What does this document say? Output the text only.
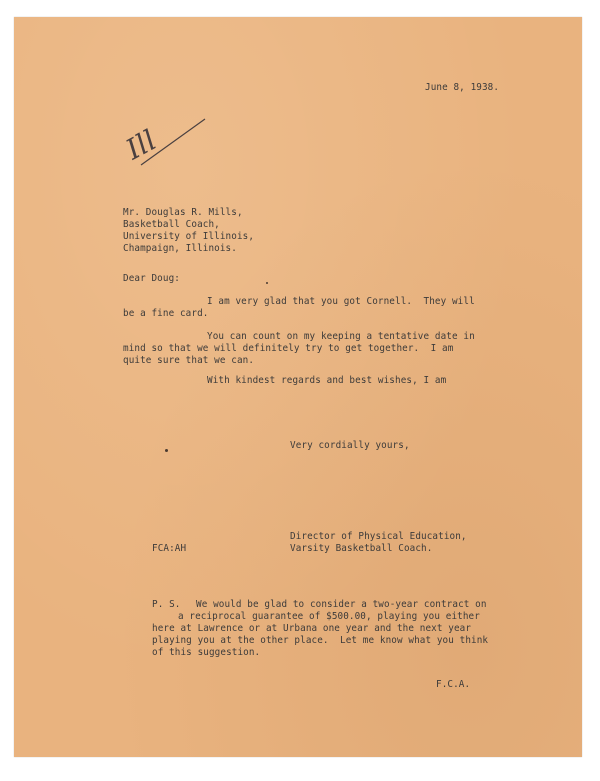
Ill
June 8, 1938.
Mr. Douglas R. Mills,
Basketball Coach,
University of Illinois,
Champaign, Illinois.
Dear Doug:
I am very glad that you got Cornell.  They will
be a fine card.
You can count on my keeping a tentative date in
mind so that we will definitely try to get together.  I am
quite sure that we can.
With kindest regards and best wishes, I am
Very cordially yours,
Director of Physical Education,
Varsity Basketball Coach.
FCA:AH
P. S. We would be glad to consider a two-year contract on
a reciprocal guarantee of $500.00, playing you either
here at Lawrence or at Urbana one year and the next year
playing you at the other place.  Let me know what you think
of this suggestion.
F.C.A.
